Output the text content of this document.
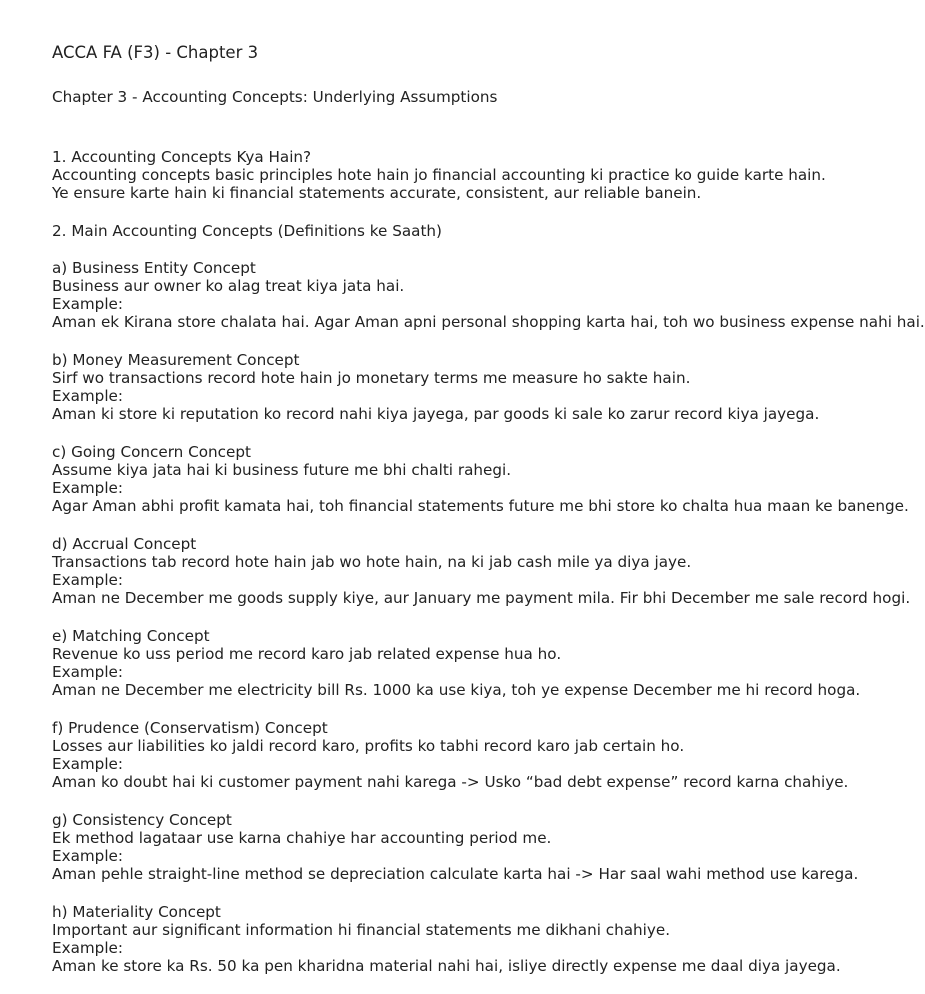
ACCA FA (F3) - Chapter 3
Chapter 3 - Accounting Concepts: Underlying Assumptions
1. Accounting Concepts Kya Hain?
Accounting concepts basic principles hote hain jo financial accounting ki practice ko guide karte hain.
Ye ensure karte hain ki financial statements accurate, consistent, aur reliable banein.
2. Main Accounting Concepts (Definitions ke Saath)
a) Business Entity Concept
Business aur owner ko alag treat kiya jata hai.
Example:
Aman ek Kirana store chalata hai. Agar Aman apni personal shopping karta hai, toh wo business expense nahi hai.
b) Money Measurement Concept
Sirf wo transactions record hote hain jo monetary terms me measure ho sakte hain.
Example:
Aman ki store ki reputation ko record nahi kiya jayega, par goods ki sale ko zarur record kiya jayega.
c) Going Concern Concept
Assume kiya jata hai ki business future me bhi chalti rahegi.
Example:
Agar Aman abhi profit kamata hai, toh financial statements future me bhi store ko chalta hua maan ke banenge.
d) Accrual Concept
Transactions tab record hote hain jab wo hote hain, na ki jab cash mile ya diya jaye.
Example:
Aman ne December me goods supply kiye, aur January me payment mila. Fir bhi December me sale record hogi.
e) Matching Concept
Revenue ko uss period me record karo jab related expense hua ho.
Example:
Aman ne December me electricity bill Rs. 1000 ka use kiya, toh ye expense December me hi record hoga.
f) Prudence (Conservatism) Concept
Losses aur liabilities ko jaldi record karo, profits ko tabhi record karo jab certain ho.
Example:
Aman ko doubt hai ki customer payment nahi karega -> Usko “bad debt expense” record karna chahiye.
g) Consistency Concept
Ek method lagataar use karna chahiye har accounting period me.
Example:
Aman pehle straight-line method se depreciation calculate karta hai -> Har saal wahi method use karega.
h) Materiality Concept
Important aur significant information hi financial statements me dikhani chahiye.
Example:
Aman ke store ka Rs. 50 ka pen kharidna material nahi hai, isliye directly expense me daal diya jayega.
